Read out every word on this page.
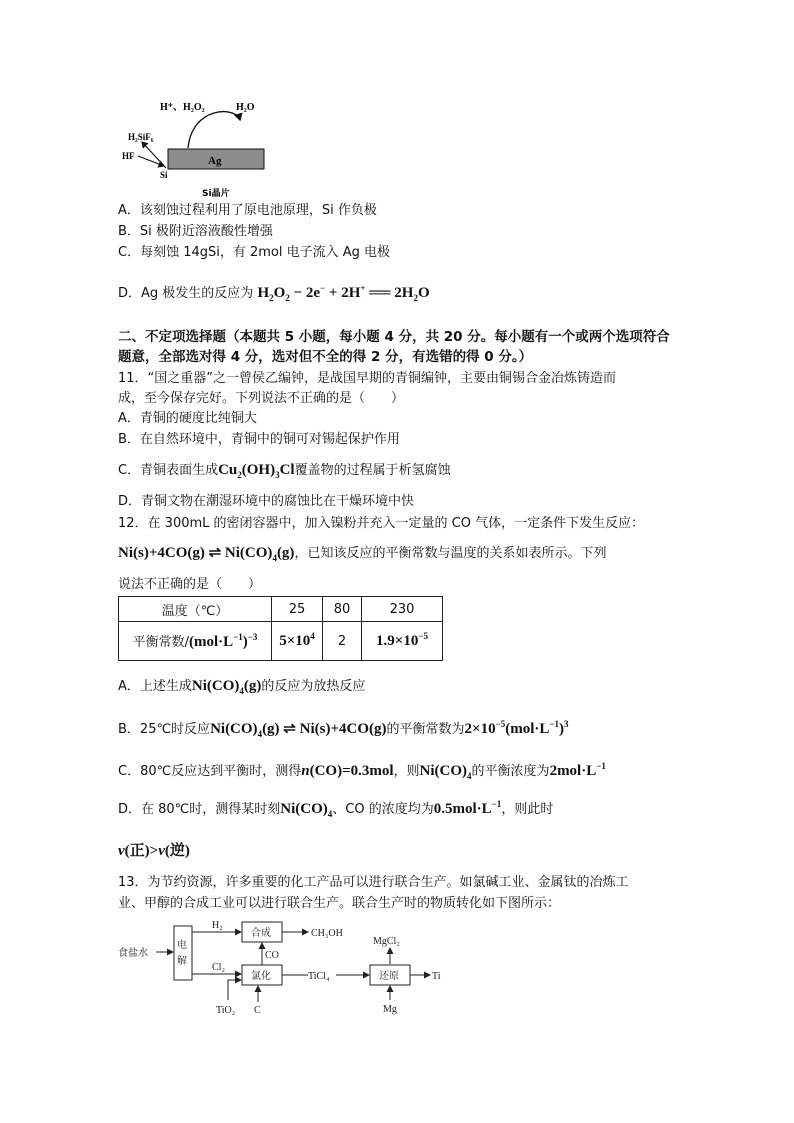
H⁺、H₂O₂	H₂O
H₂SiF₆
HF	Ag
Si
Si晶片
A．该刻蚀过程利用了原电池原理，Si 作负极
B．Si 极附近溶液酸性增强
C．每刻蚀 14gSi，有 2mol 电子流入 Ag 电极
D．Ag 极发生的反应为 $H_2O_2 - 2e^- + 2H^+$ ══ $2H_2O$
二、不定项选择题（本题共 5 小题，每小题 4 分，共 20 分。每小题有一个或两个选项符合
题意，全部选对得 4 分，选对但不全的得 2 分，有选错的得 0 分。）
11．“国之重器”之一曾侯乙编钟，是战国早期的青铜编钟，主要由铜锡合金冶炼铸造而
成，至今保存完好。下列说法不正确的是（　　）
A．青铜的硬度比纯铜大
B．在自然环境中，青铜中的铜可对锡起保护作用
C．青铜表面生成$Cu_2(OH)_3Cl$覆盖物的过程属于析氢腐蚀
D．青铜文物在潮湿环境中的腐蚀比在干燥环境中快
12．在 300mL 的密闭容器中，加入镍粉并充入一定量的 CO 气体，一定条件下发生反应：
Ni(s)+4CO(g) ⇌ $Ni(CO)_4(g)$，已知该反应的平衡常数与温度的关系如表所示。下列
说法不正确的是（　　）
温度（℃）	25	80	230
平衡常数$/(mol\cdot L^{-1})^{-3}$	$5\times 10^4$	2	$1.9\times 10^{-5}$
A．上述生成$Ni(CO)_4(g)$的反应为放热反应
B．25℃时反应$Ni(CO)_4(g)$ ⇌ Ni(s)+4CO(g)的平衡常数为$2\times 10^{-5}(mol\cdot L^{-1})^3$
C．80℃反应达到平衡时，测得n(CO)=0.3mol，则$Ni(CO)_4$的平衡浓度为$2mol\cdot L^{-1}$
D．在 80℃时，测得某时刻$Ni(CO)_4$、CO 的浓度均为$0.5mol\cdot L^{-1}$，则此时
v(正)>v(逆)
13．为节约资源，许多重要的化工产品可以进行联合生产。如氯碱工业、金属钛的冶炼工
业、甲醇的合成工业可以进行联合生产。联合生产时的物质转化如下图所示：
食盐水
电
解
H₂
合成	CH₃OH
CO
Cl₂
氯化	TiCl₄
TiO₂ C
还原
MgCl₂
Ti
Mg
